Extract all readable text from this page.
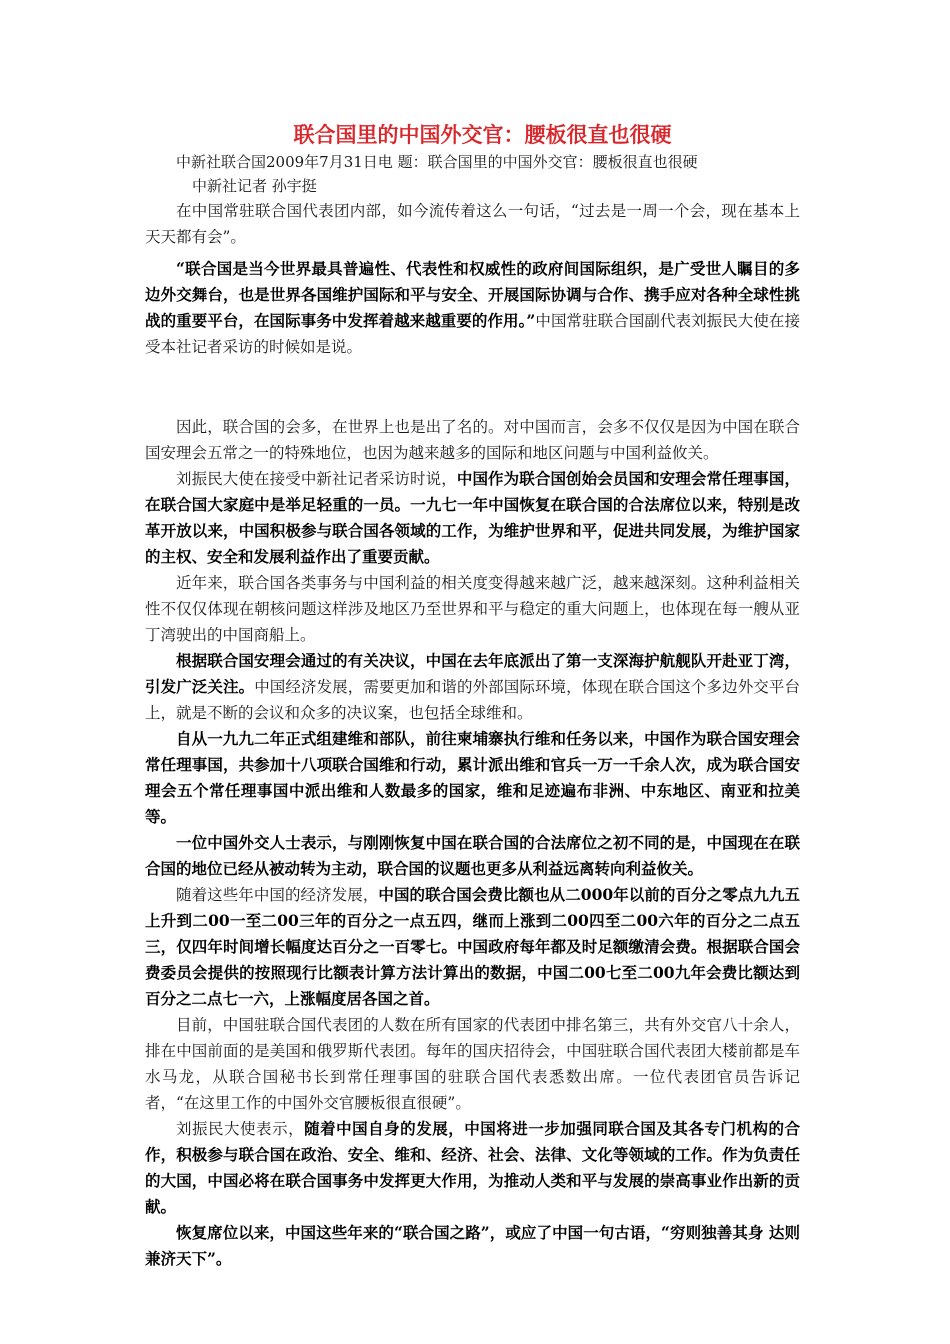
联合国里的中国外交官：腰板很直也很硬

中新社联合国2009年7月31日电 题：联合国里的中国外交官：腰板很直也很硬

中新社记者 孙宇挺

在中国常驻联合国代表团内部，如今流传着这么一句话，“过去是一周一个会，现在基本上天天都有会”。

“联合国是当今世界最具普遍性、代表性和权威性的政府间国际组织，是广受世人瞩目的多边外交舞台，也是世界各国维护国际和平与安全、开展国际协调与合作、携手应对各种全球性挑战的重要平台，在国际事务中发挥着越来越重要的作用。”中国常驻联合国副代表刘振民大使在接受本社记者采访的时候如是说。

因此，联合国的会多，在世界上也是出了名的。对中国而言，会多不仅仅是因为中国在联合国安理会五常之一的特殊地位，也因为越来越多的国际和地区问题与中国利益攸关。

刘振民大使在接受中新社记者采访时说，中国作为联合国创始会员国和安理会常任理事国，在联合国大家庭中是举足轻重的一员。一九七一年中国恢复在联合国的合法席位以来，特别是改革开放以来，中国积极参与联合国各领域的工作，为维护世界和平，促进共同发展，为维护国家的主权、安全和发展利益作出了重要贡献。

近年来，联合国各类事务与中国利益的相关度变得越来越广泛，越来越深刻。这种利益相关性不仅仅体现在朝核问题这样涉及地区乃至世界和平与稳定的重大问题上，也体现在每一艘从亚丁湾驶出的中国商船上。

根据联合国安理会通过的有关决议，中国在去年底派出了第一支深海护航舰队开赴亚丁湾，引发广泛关注。中国经济发展，需要更加和谐的外部国际环境，体现在联合国这个多边外交平台上，就是不断的会议和众多的决议案，也包括全球维和。

自从一九九二年正式组建维和部队，前往柬埔寨执行维和任务以来，中国作为联合国安理会常任理事国，共参加十八项联合国维和行动，累计派出维和官兵一万一千余人次，成为联合国安理会五个常任理事国中派出维和人数最多的国家，维和足迹遍布非洲、中东地区、南亚和拉美等。

一位中国外交人士表示，与刚刚恢复中国在联合国的合法席位之初不同的是，中国现在在联合国的地位已经从被动转为主动，联合国的议题也更多从利益远离转向利益攸关。

随着这些年中国的经济发展，中国的联合国会费比额也从二000年以前的百分之零点九九五上升到二00一至二00三年的百分之一点五四，继而上涨到二00四至二00六年的百分之二点五三，仅四年时间增长幅度达百分之一百零七。中国政府每年都及时足额缴清会费。根据联合国会费委员会提供的按照现行比额表计算方法计算出的数据，中国二00七至二00九年会费比额达到百分之二点七一六，上涨幅度居各国之首。

目前，中国驻联合国代表团的人数在所有国家的代表团中排名第三，共有外交官八十余人，排在中国前面的是美国和俄罗斯代表团。每年的国庆招待会，中国驻联合国代表团大楼前都是车水马龙，从联合国秘书长到常任理事国的驻联合国代表悉数出席。一位代表团官员告诉记者，“在这里工作的中国外交官腰板很直很硬”。

刘振民大使表示，随着中国自身的发展，中国将进一步加强同联合国及其各专门机构的合作，积极参与联合国在政治、安全、维和、经济、社会、法律、文化等领域的工作。作为负责任的大国，中国必将在联合国事务中发挥更大作用，为推动人类和平与发展的崇高事业作出新的贡献。

恢复席位以来，中国这些年来的“联合国之路”，或应了中国一句古语，“穷则独善其身 达则兼济天下”。
